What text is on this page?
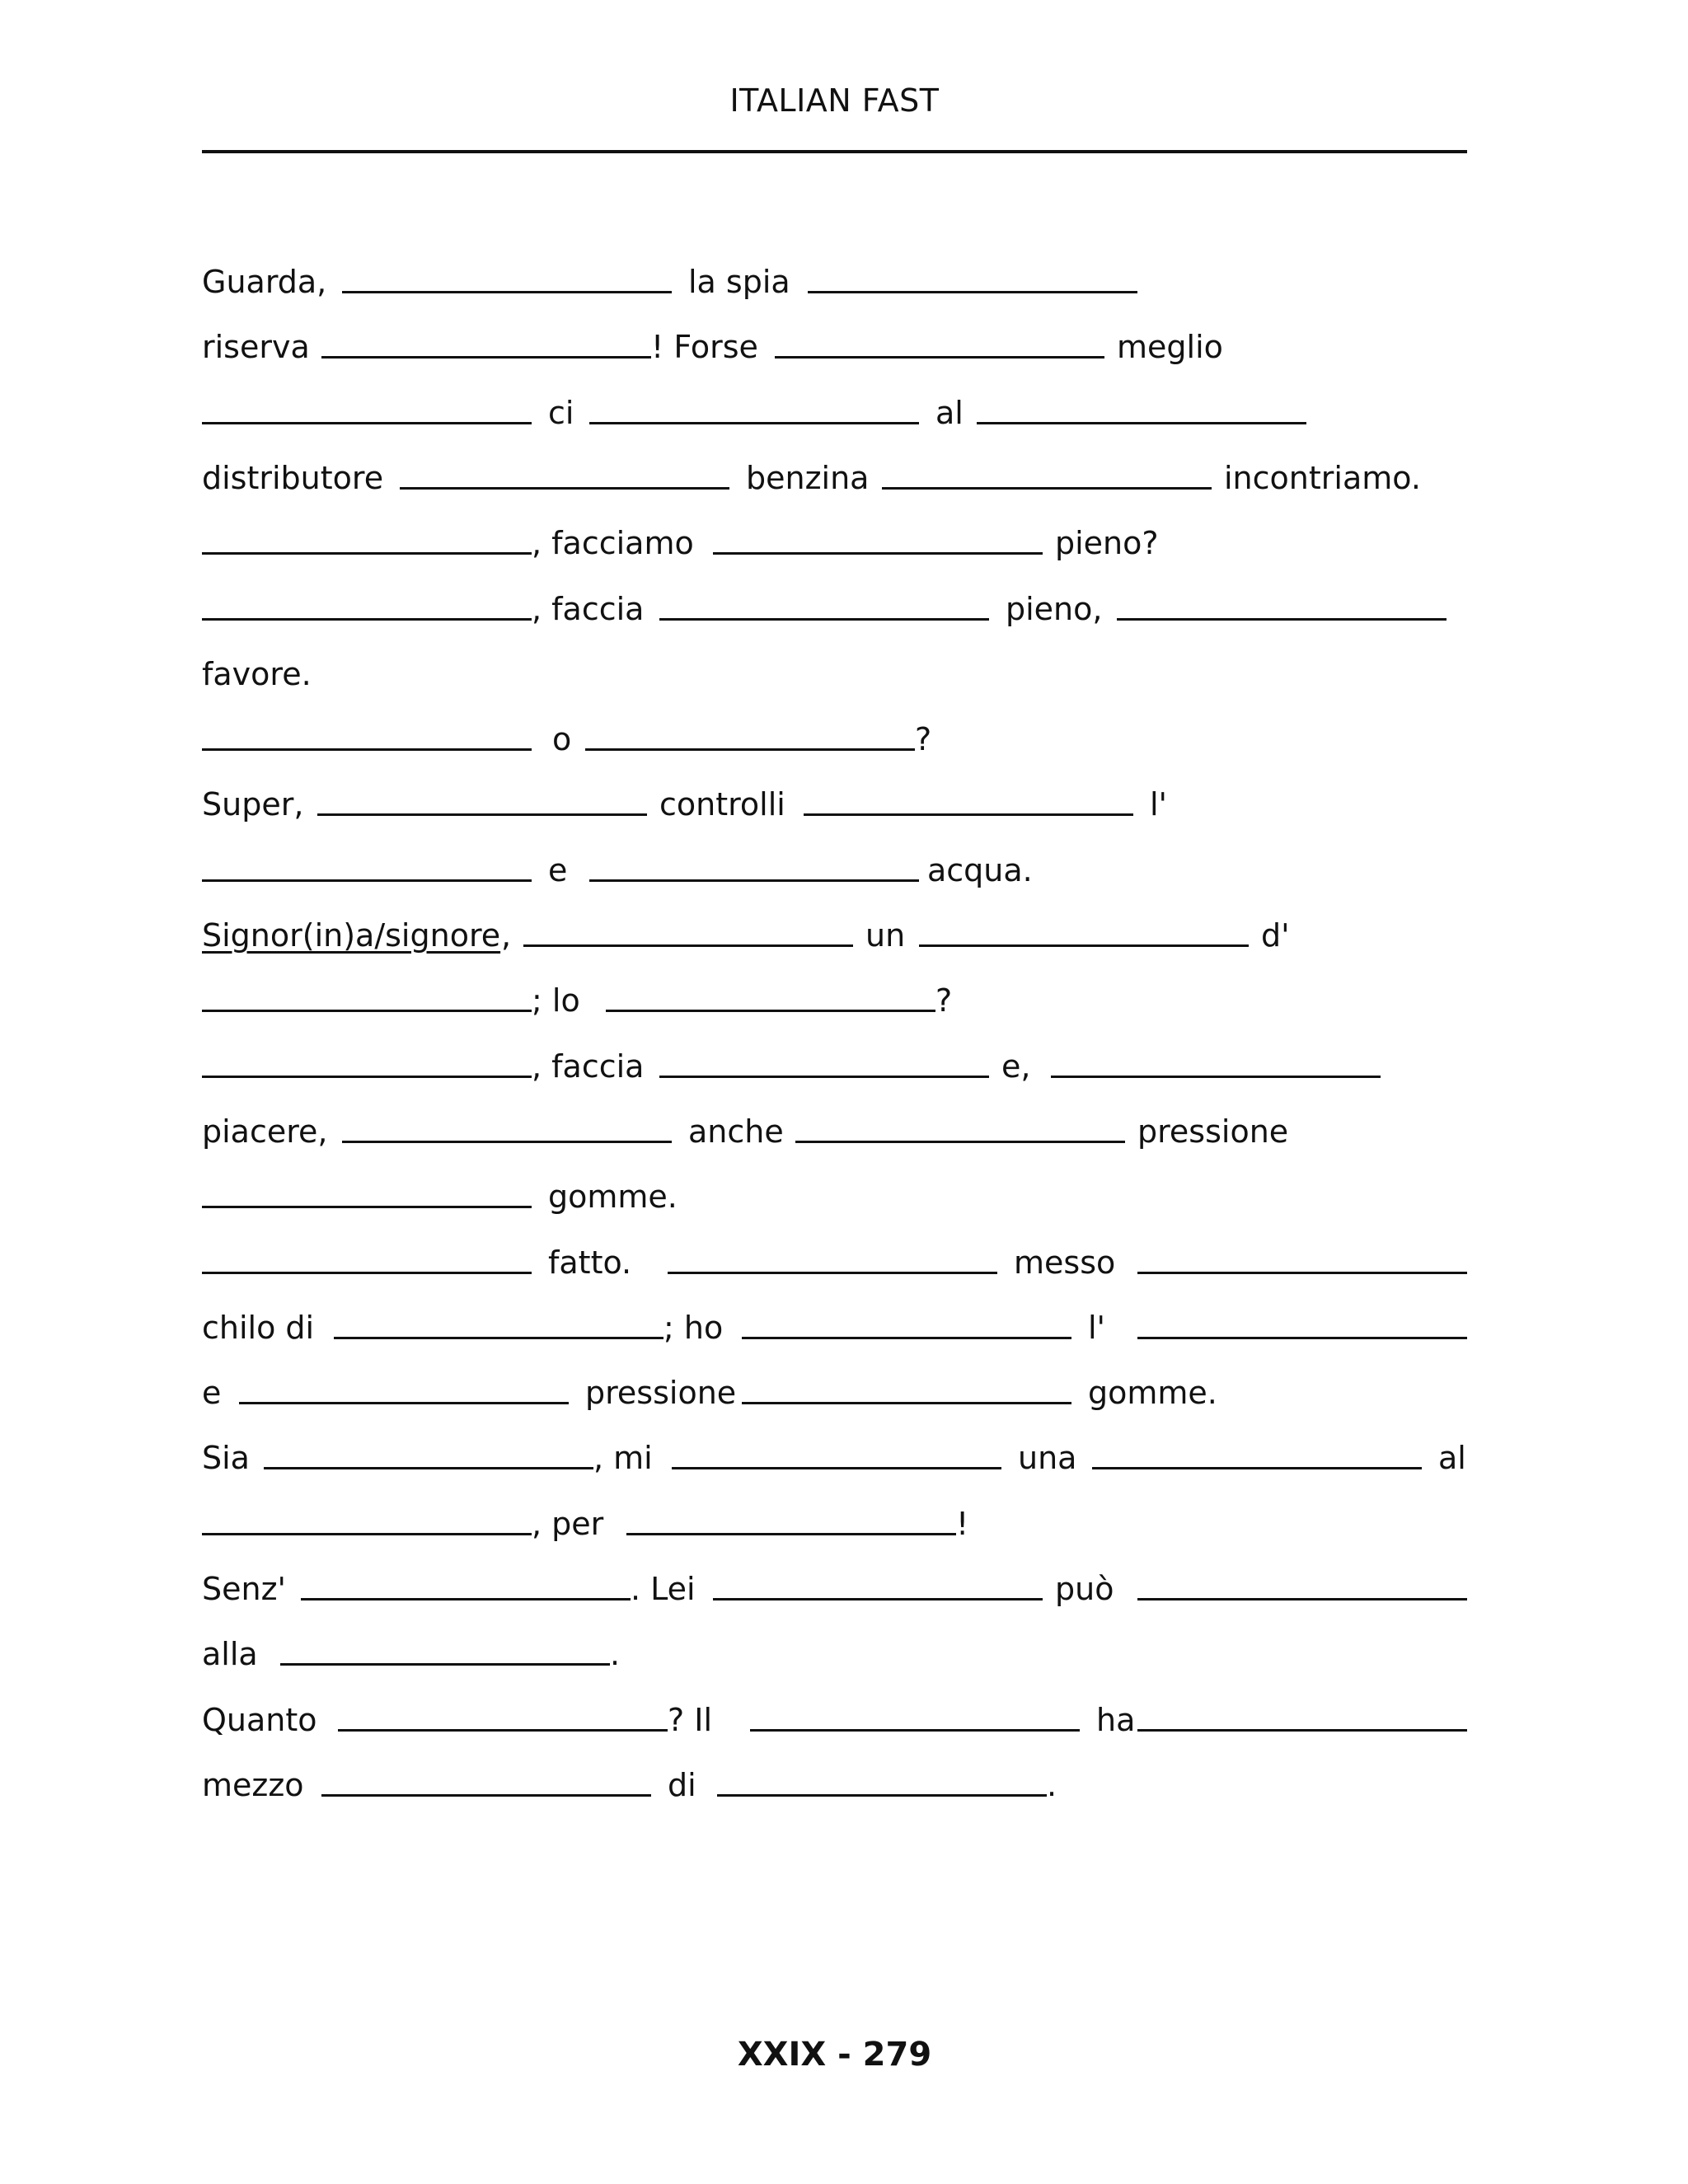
ITALIAN FAST
Guarda,	la spia
riserva	! Forse	meglio
ci	al
distributore	benzina	incontriamo.
, facciamo	pieno?
, faccia	pieno,
favore.
o	?
Super,	controlli	l'
e	acqua.
Signor(in)a/signore ,	un	d'
; lo	?
, faccia	e,
piacere,	anche	pressione
gomme.
fatto.	messo
chilo di	; ho	l'
e	pressione	gomme.
Sia	, mi	una	al
, per	!
Senz'	. Lei	può
alla	.
Quanto	? Il	ha
mezzo	di	.
XXIX - 279
